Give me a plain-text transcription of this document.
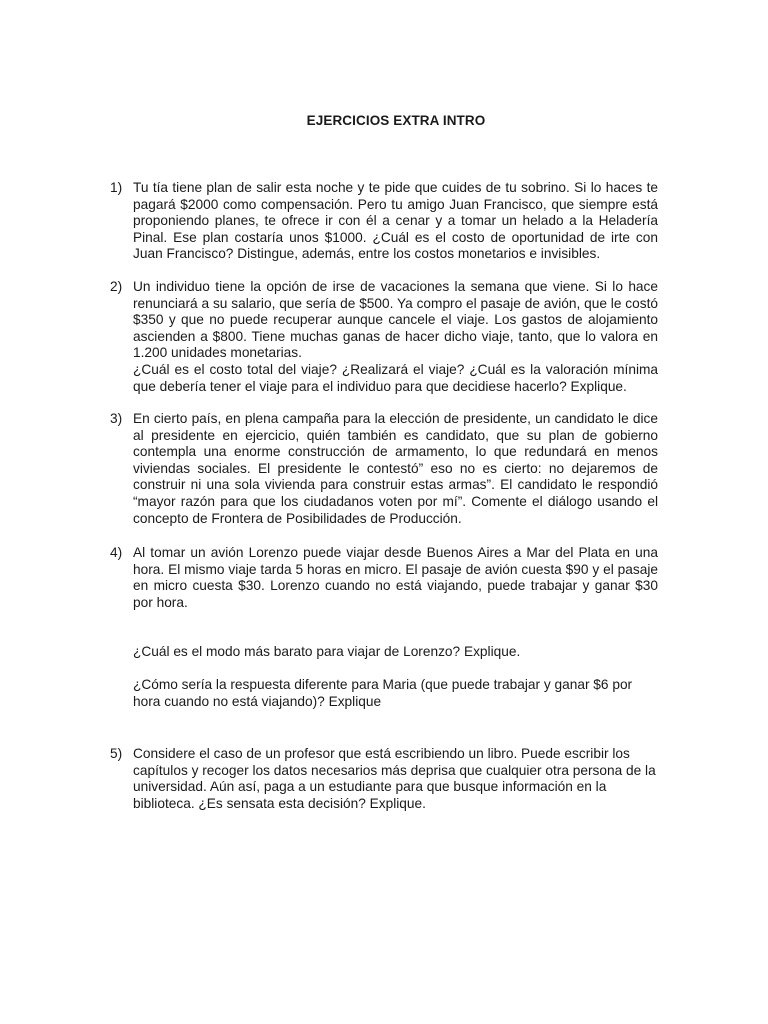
EJERCICIOS EXTRA INTRO
1) Tu tía tiene plan de salir esta noche y te pide que cuides de tu sobrino. Si lo haces te pagará $2000 como compensación. Pero tu amigo Juan Francisco, que siempre está proponiendo planes, te ofrece ir con él a cenar y a tomar un helado a la Heladería Pinal. Ese plan costaría unos $1000. ¿Cuál es el costo de oportunidad de irte con Juan Francisco? Distingue, además, entre los costos monetarios e invisibles.

2) Un individuo tiene la opción de irse de vacaciones la semana que viene. Si lo hace renunciará a su salario, que sería de $500. Ya compro el pasaje de avión, que le costó $350 y que no puede recuperar aunque cancele el viaje. Los gastos de alojamiento ascienden a $800. Tiene muchas ganas de hacer dicho viaje, tanto, que lo valora en 1.200 unidades monetarias.

¿Cuál es el costo total del viaje? ¿Realizará el viaje? ¿Cuál es la valoración mínima que debería tener el viaje para el individuo para que decidiese hacerlo? Explique.

3) En cierto país, en plena campaña para la elección de presidente, un candidato le dice al presidente en ejercicio, quién también es candidato, que su plan de gobierno contempla una enorme construcción de armamento, lo que redundará en menos viviendas sociales. El presidente le contestó” eso no es cierto: no dejaremos de construir ni una sola vivienda para construir estas armas”. El candidato le respondió “mayor razón para que los ciudadanos voten por mí”. Comente el diálogo usando el concepto de Frontera de Posibilidades de Producción.

4) Al tomar un avión Lorenzo puede viajar desde Buenos Aires a Mar del Plata en una hora. El mismo viaje tarda 5 horas en micro. El pasaje de avión cuesta $90 y el pasaje en micro cuesta $30. Lorenzo cuando no está viajando, puede trabajar y ganar $30 por hora.

¿Cuál es el modo más barato para viajar de Lorenzo? Explique.

¿Cómo sería la respuesta diferente para Maria (que puede trabajar y ganar $6 por hora cuando no está viajando)? Explique

5) Considere el caso de un profesor que está escribiendo un libro. Puede escribir los capítulos y recoger los datos necesarios más deprisa que cualquier otra persona de la universidad. Aún así, paga a un estudiante para que busque información en la biblioteca. ¿Es sensata esta decisión? Explique.
